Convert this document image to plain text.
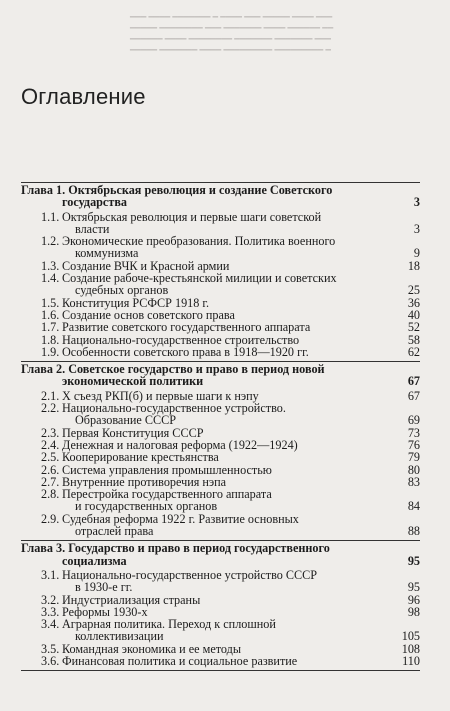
━━━ ━━━━ ━━━━━━━ ━ ━━━━ ━━━ ━━━━━ ━━━━ ━━━
━━━━━ ━━━━━━━━ ━━━ ━━━━━━━ ━━━━ ━━━━━━ ━━
━━━━━━ ━━━━ ━━━━━━━━ ━━━━━━━ ━━━━━━━ ━━━
━━━━━ ━━━━━━━ ━━━━ ━━━━━━━━━ ━━━━━━━━━ ━
Оглавление
Глава 1. Октябрьская революция и создание Советского
государства	3
1.1. Октябрьская революция и первые шаги советской
власти	3
1.2. Экономические преобразования. Политика военного
коммунизма	9
1.3. Создание ВЧК и Красной армии	18
1.4. Создание рабоче-крестьянской милиции и советских
судебных органов	25
1.5. Конституция РСФСР 1918 г.	36
1.6. Создание основ советского права	40
1.7. Развитие советского государственного аппарата	52
1.8. Национально-государственное строительство	58
1.9. Особенности советского права в 1918—1920 гг.	62
Глава 2. Советское государство и право в период новой
экономической политики	67
2.1. X съезд РКП(б) и первые шаги к нэпу	67
2.2. Национально-государственное устройство.
Образование СССР	69
2.3. Первая Конституция СССР	73
2.4. Денежная и налоговая реформа (1922—1924)	76
2.5. Кооперирование крестьянства	79
2.6. Система управления промышленностью	80
2.7. Внутренние противоречия нэпа	83
2.8. Перестройка государственного аппарата
и государственных органов	84
2.9. Судебная реформа 1922 г. Развитие основных
отраслей права	88
Глава 3. Государство и право в период государственного
социализма	95
3.1. Национально-государственное устройство СССР
в 1930-е гг.	95
3.2. Индустриализация страны	96
3.3. Реформы 1930-х	98
3.4. Аграрная политика. Переход к сплошной
коллективизации	105
3.5. Командная экономика и ее методы	108
3.6. Финансовая политика и социальное развитие	110
